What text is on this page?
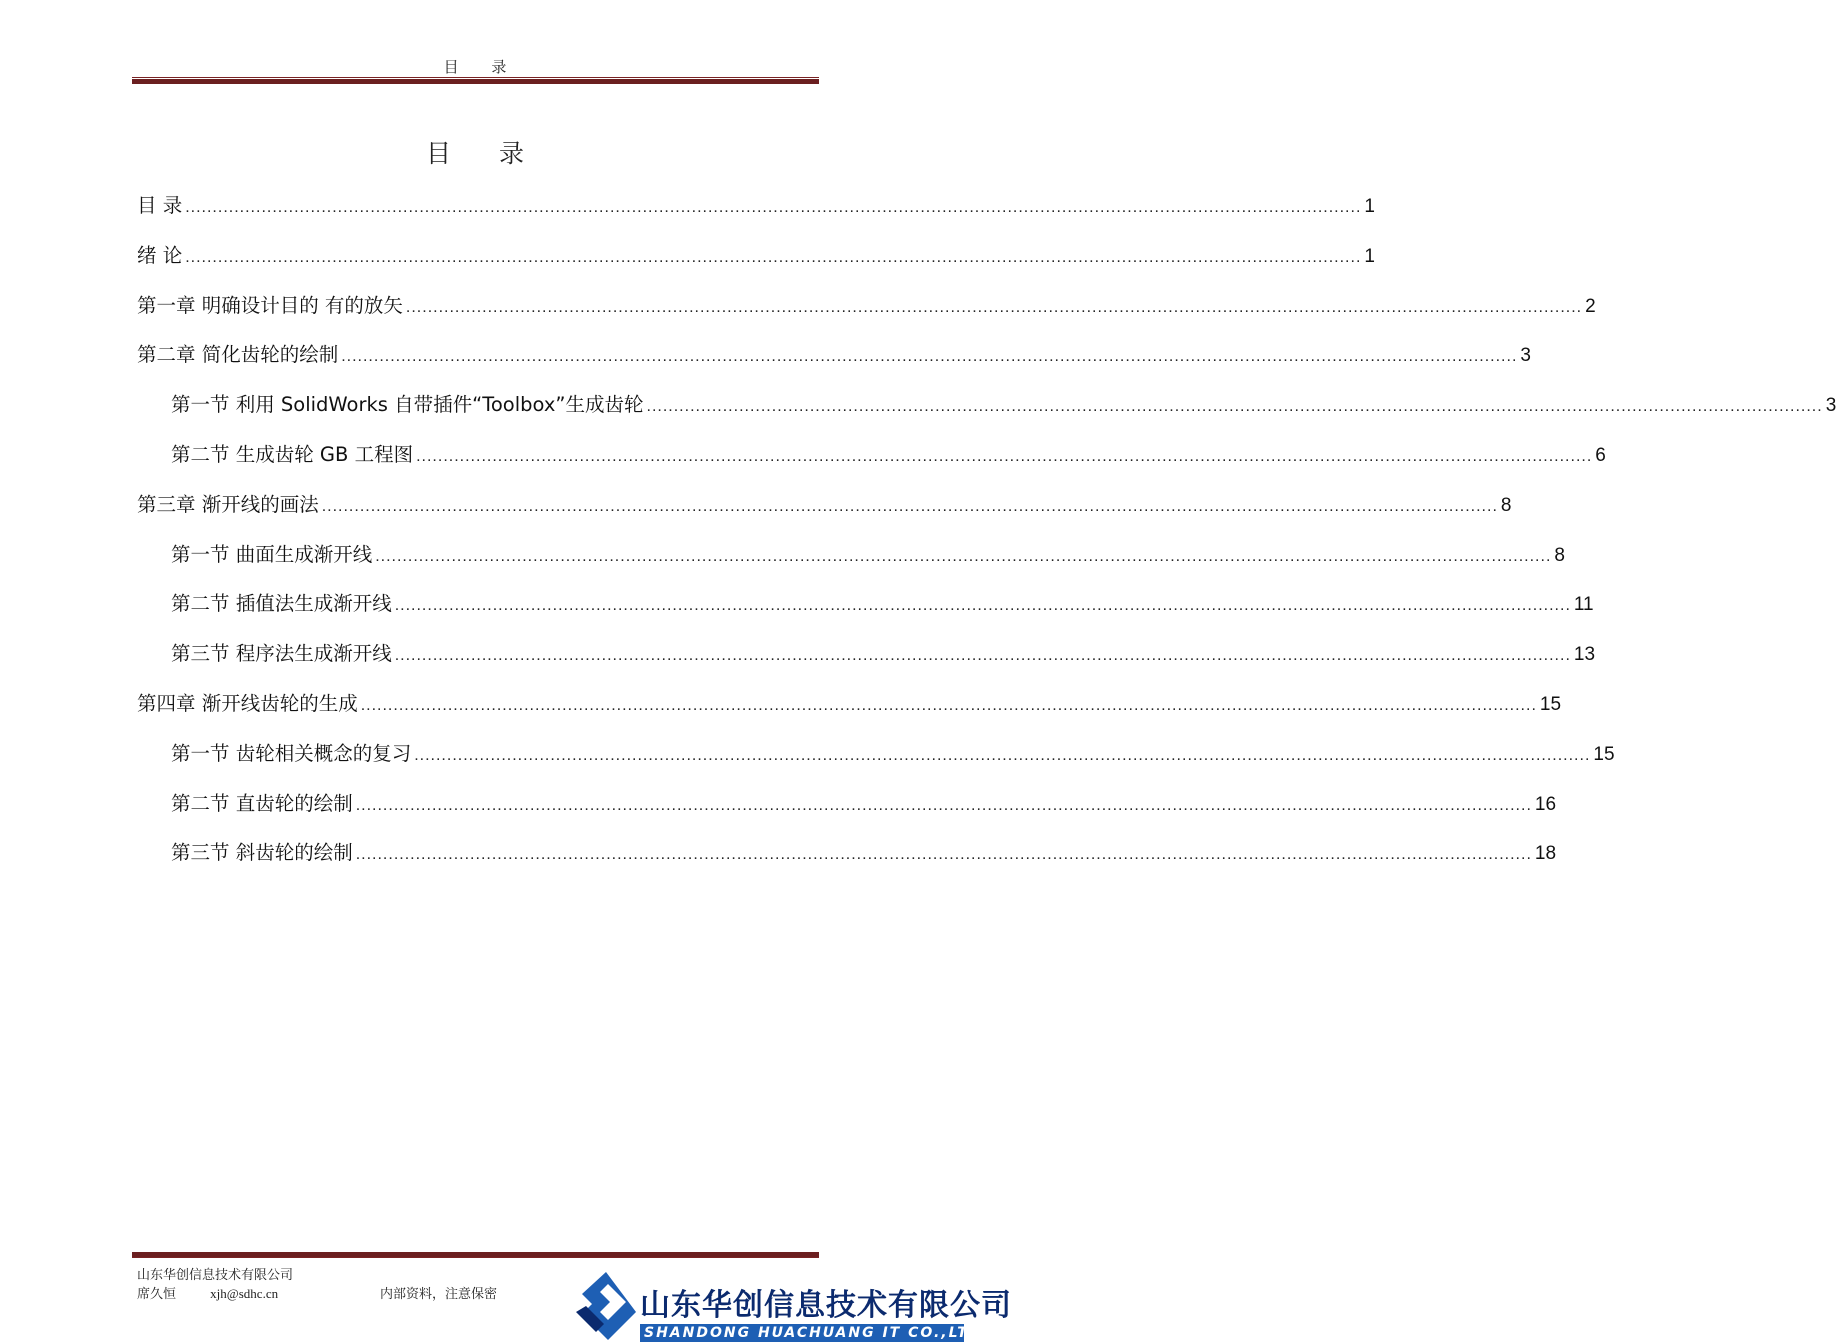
目 录
目 录
目 录 .....	1
绪 论 .....	1
第一章 明确设计目的 有的放矢 .....	2
第二章 简化齿轮的绘制 .....	3
第一节 利用 SolidWorks 自带插件“Toolbox”生成齿轮 .....	3
第二节 生成齿轮 GB 工程图 .....	6
第三章 渐开线的画法 .....	8
第一节 曲面生成渐开线 .....	8
第二节 插值法生成渐开线 .....	11
第三节 程序法生成渐开线 .....	13
第四章 渐开线齿轮的生成 .....	15
第一节 齿轮相关概念的复习 .....	15
第二节 直齿轮的绘制 .....	16
第三节 斜齿轮的绘制 .....	18
山东华创信息技术有限公司
席久恒	xjh@sdhc.cn	内部资料，注意保密	山东华创信息技术有限公司
SHANDONG HUACHUANG IT CO.,LTD
